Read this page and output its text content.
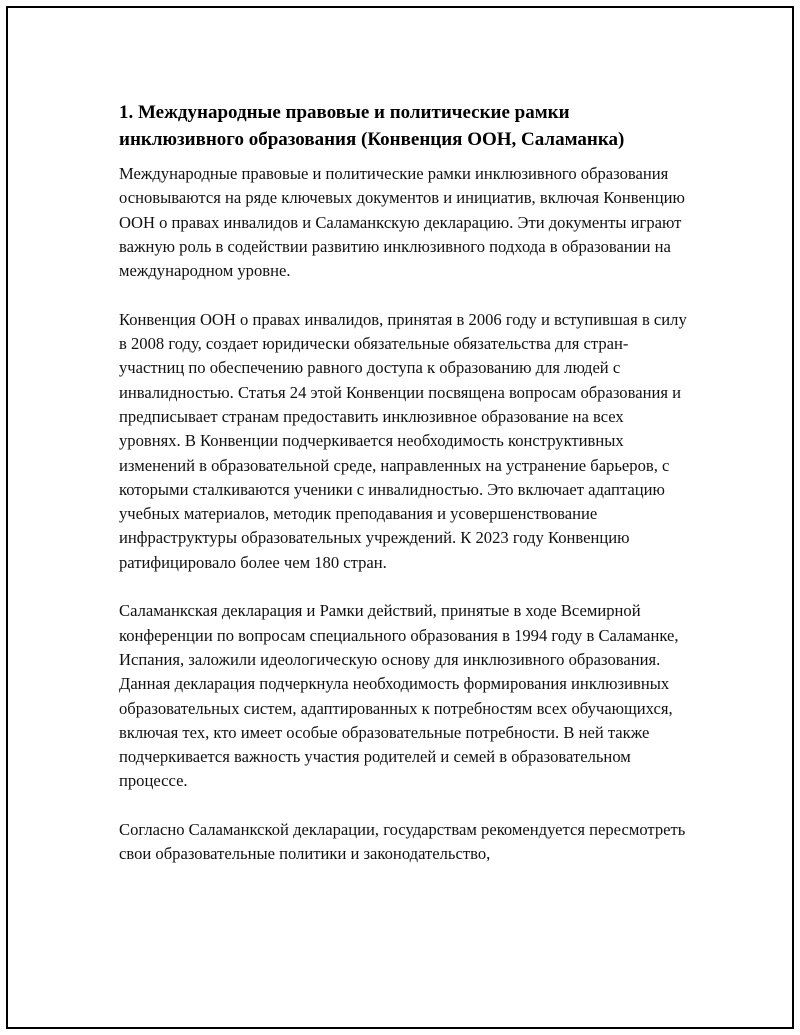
1. Международные правовые и политические рамки инклюзивного образования (Конвенция ООН, Саламанка)

Международные правовые и политические рамки инклюзивного образования основываются на ряде ключевых документов и инициатив, включая Конвенцию ООН о правах инвалидов и Саламанкскую декларацию. Эти документы играют важную роль в содействии развитию инклюзивного подхода в образовании на международном уровне.

Конвенция ООН о правах инвалидов, принятая в 2006 году и вступившая в силу в 2008 году, создает юридически обязательные обязательства для стран-участниц по обеспечению равного доступа к образованию для людей с инвалидностью. Статья 24 этой Конвенции посвящена вопросам образования и предписывает странам предоставить инклюзивное образование на всех уровнях. В Конвенции подчеркивается необходимость конструктивных изменений в образовательной среде, направленных на устранение барьеров, с которыми сталкиваются ученики с инвалидностью. Это включает адаптацию учебных материалов, методик преподавания и усовершенствование инфраструктуры образовательных учреждений. К 2023 году Конвенцию ратифицировало более чем 180 стран.

Саламанкская декларация и Рамки действий, принятые в ходе Всемирной конференции по вопросам специального образования в 1994 году в Саламанке, Испания, заложили идеологическую основу для инклюзивного образования. Данная декларация подчеркнула необходимость формирования инклюзивных образовательных систем, адаптированных к потребностям всех обучающихся, включая тех, кто имеет особые образовательные потребности. В ней также подчеркивается важность участия родителей и семей в образовательном процессе.

Согласно Саламанкской декларации, государствам рекомендуется пересмотреть свои образовательные политики и законодательство,
